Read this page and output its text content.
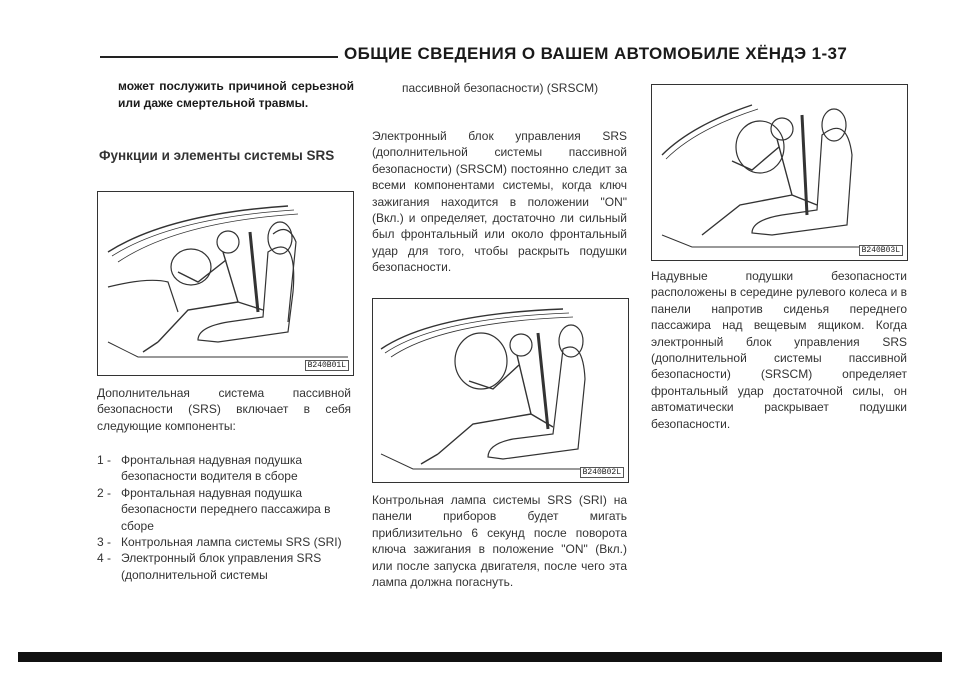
ОБЩИЕ СВЕДЕНИЯ О ВАШЕМ АВТОМОБИЛЕ ХЁНДЭ 1-37
может послужить причиной серьезной или даже смертельной травмы.
Функции и элементы системы SRS
B240B01L
Дополнительная система пассивной безопасности (SRS) включает в себя следующие компоненты:
1 - Фронтальная надувная подушка безопасности водителя в сборе
2 - Фронтальная надувная подушка безопасности переднего пассажира в сборе
3 - Контрольная лампа системы SRS (SRI)
4 - Электронный блок управления SRS (дополнительной системы
пассивной безопасности) (SRSCM)
Электронный блок управления SRS (дополнительной системы пассивной безопасности) (SRSCM) постоянно следит за всеми компонентами системы, когда ключ зажигания находится в положении "ON" (Вкл.) и определяет, достаточно ли сильный был фронтальный или около фронтальный удар для того, чтобы раскрыть подушки безопасности.
B240B02L
Контрольная лампа системы SRS (SRI) на панели приборов будет мигать приблизительно 6 секунд после поворота ключа зажигания в положение "ON" (Вкл.) или после запуска двигателя, после чего эта лампа должна погаснуть.
B240B03L
Надувные подушки безопасности расположены в середине рулевого колеса и в панели напротив сиденья переднего пассажира над вещевым ящиком. Когда электронный блок управления SRS (дополнительной системы пассивной безопасности) (SRSCM) определяет фронтальный удар достаточной силы, он автоматически раскрывает подушки безопасности.
